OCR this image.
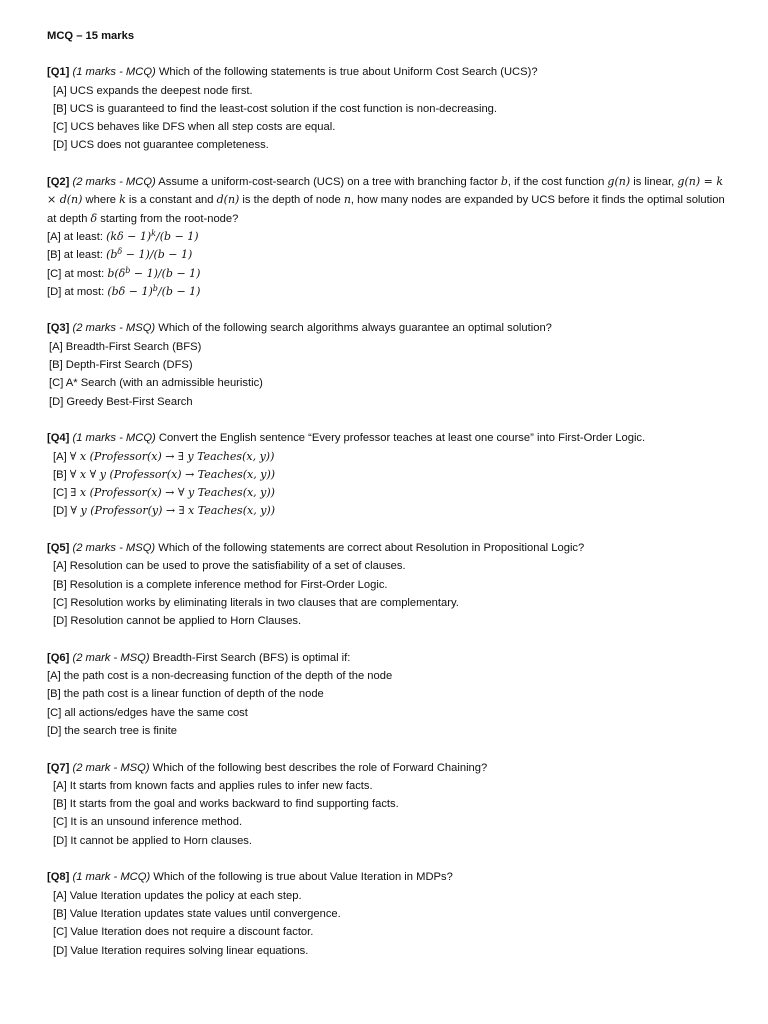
MCQ – 15 marks
[Q1] (1 marks - MCQ) Which of the following statements is true about Uniform Cost Search (UCS)?
[A] UCS expands the deepest node first.
[B] UCS is guaranteed to find the least-cost solution if the cost function is non-decreasing.
[C] UCS behaves like DFS when all step costs are equal.
[D] UCS does not guarantee completeness.
[Q2] (2 marks - MCQ) Assume a uniform-cost-search (UCS) on a tree with branching factor b, if the cost function g(n) is linear, g(n) = k × d(n) where k is a constant and d(n) is the depth of node n, how many nodes are expanded by UCS before it finds the optimal solution at depth δ starting from the root-node?
[A] at least: $(k\delta - 1)^k/(b - 1)$
[B] at least: $(b^\delta - 1)/(b - 1)$
[C] at most: $b(\delta^b - 1)/(b - 1)$
[D] at most: $(b\delta - 1)^b/(b - 1)$
[Q3] (2 marks - MSQ) Which of the following search algorithms always guarantee an optimal solution?
[A] Breadth-First Search (BFS)
[B] Depth-First Search (DFS)
[C] A* Search (with an admissible heuristic)
[D] Greedy Best-First Search
[Q4] (1 marks - MCQ) Convert the English sentence “Every professor teaches at least one course” into First-Order Logic.
[A] ∀ x (Professor(x) → ∃ y Teaches(x, y))
[B] ∀ x ∀ y (Professor(x) → Teaches(x, y))
[C] ∃ x (Professor(x) → ∀ y Teaches(x, y))
[D] ∀ y (Professor(y) → ∃ x Teaches(x, y))
[Q5] (2 marks - MSQ) Which of the following statements are correct about Resolution in Propositional Logic?
[A] Resolution can be used to prove the satisfiability of a set of clauses.
[B] Resolution is a complete inference method for First-Order Logic.
[C] Resolution works by eliminating literals in two clauses that are complementary.
[D] Resolution cannot be applied to Horn Clauses.
[Q6] (2 mark - MSQ) Breadth-First Search (BFS) is optimal if:
[A] the path cost is a non-decreasing function of the depth of the node
[B] the path cost is a linear function of depth of the node
[C] all actions/edges have the same cost
[D] the search tree is finite
[Q7] (2 mark - MSQ) Which of the following best describes the role of Forward Chaining?
[A] It starts from known facts and applies rules to infer new facts.
[B] It starts from the goal and works backward to find supporting facts.
[C] It is an unsound inference method.
[D] It cannot be applied to Horn clauses.
[Q8] (1 mark - MCQ) Which of the following is true about Value Iteration in MDPs?
[A] Value Iteration updates the policy at each step.
[B] Value Iteration updates state values until convergence.
[C] Value Iteration does not require a discount factor.
[D] Value Iteration requires solving linear equations.
